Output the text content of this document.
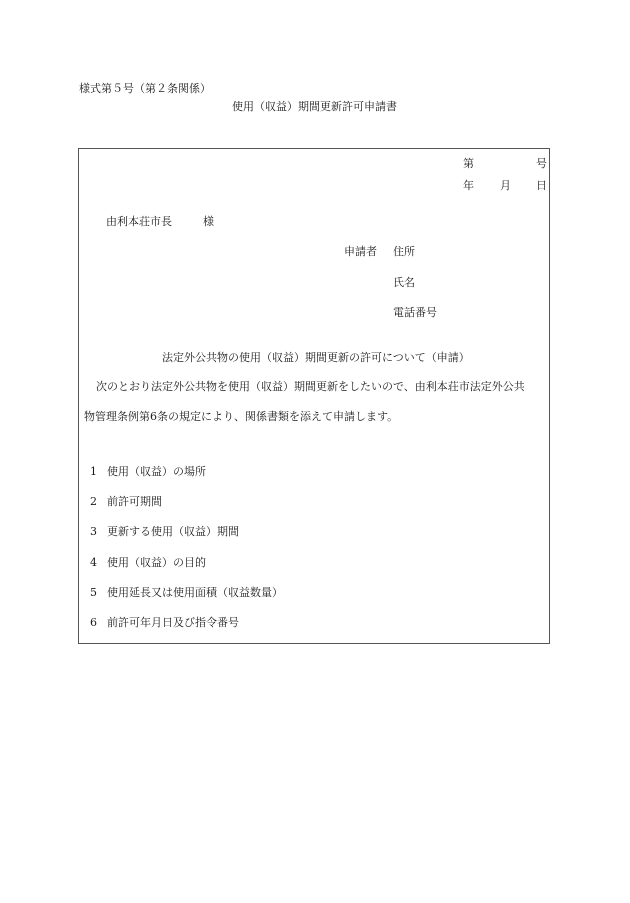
様式第５号（第２条関係）
使用（収益）期間更新許可申請書
第	号
年 月 日
由利本荘市長	様
申請者 住所
氏名
電話番号
法定外公共物の使用（収益）期間更新の許可について（申請）
次のとおり法定外公共物を使用（収益）期間更新をしたいので、由利本荘市法定外公共
物管理条例第6条の規定により、関係書類を添えて申請します。
1 使用（収益）の場所
2 前許可期間
3 更新する使用（収益）期間
4 使用（収益）の目的
5 使用延長又は使用面積（収益数量）
6 前許可年月日及び指令番号
